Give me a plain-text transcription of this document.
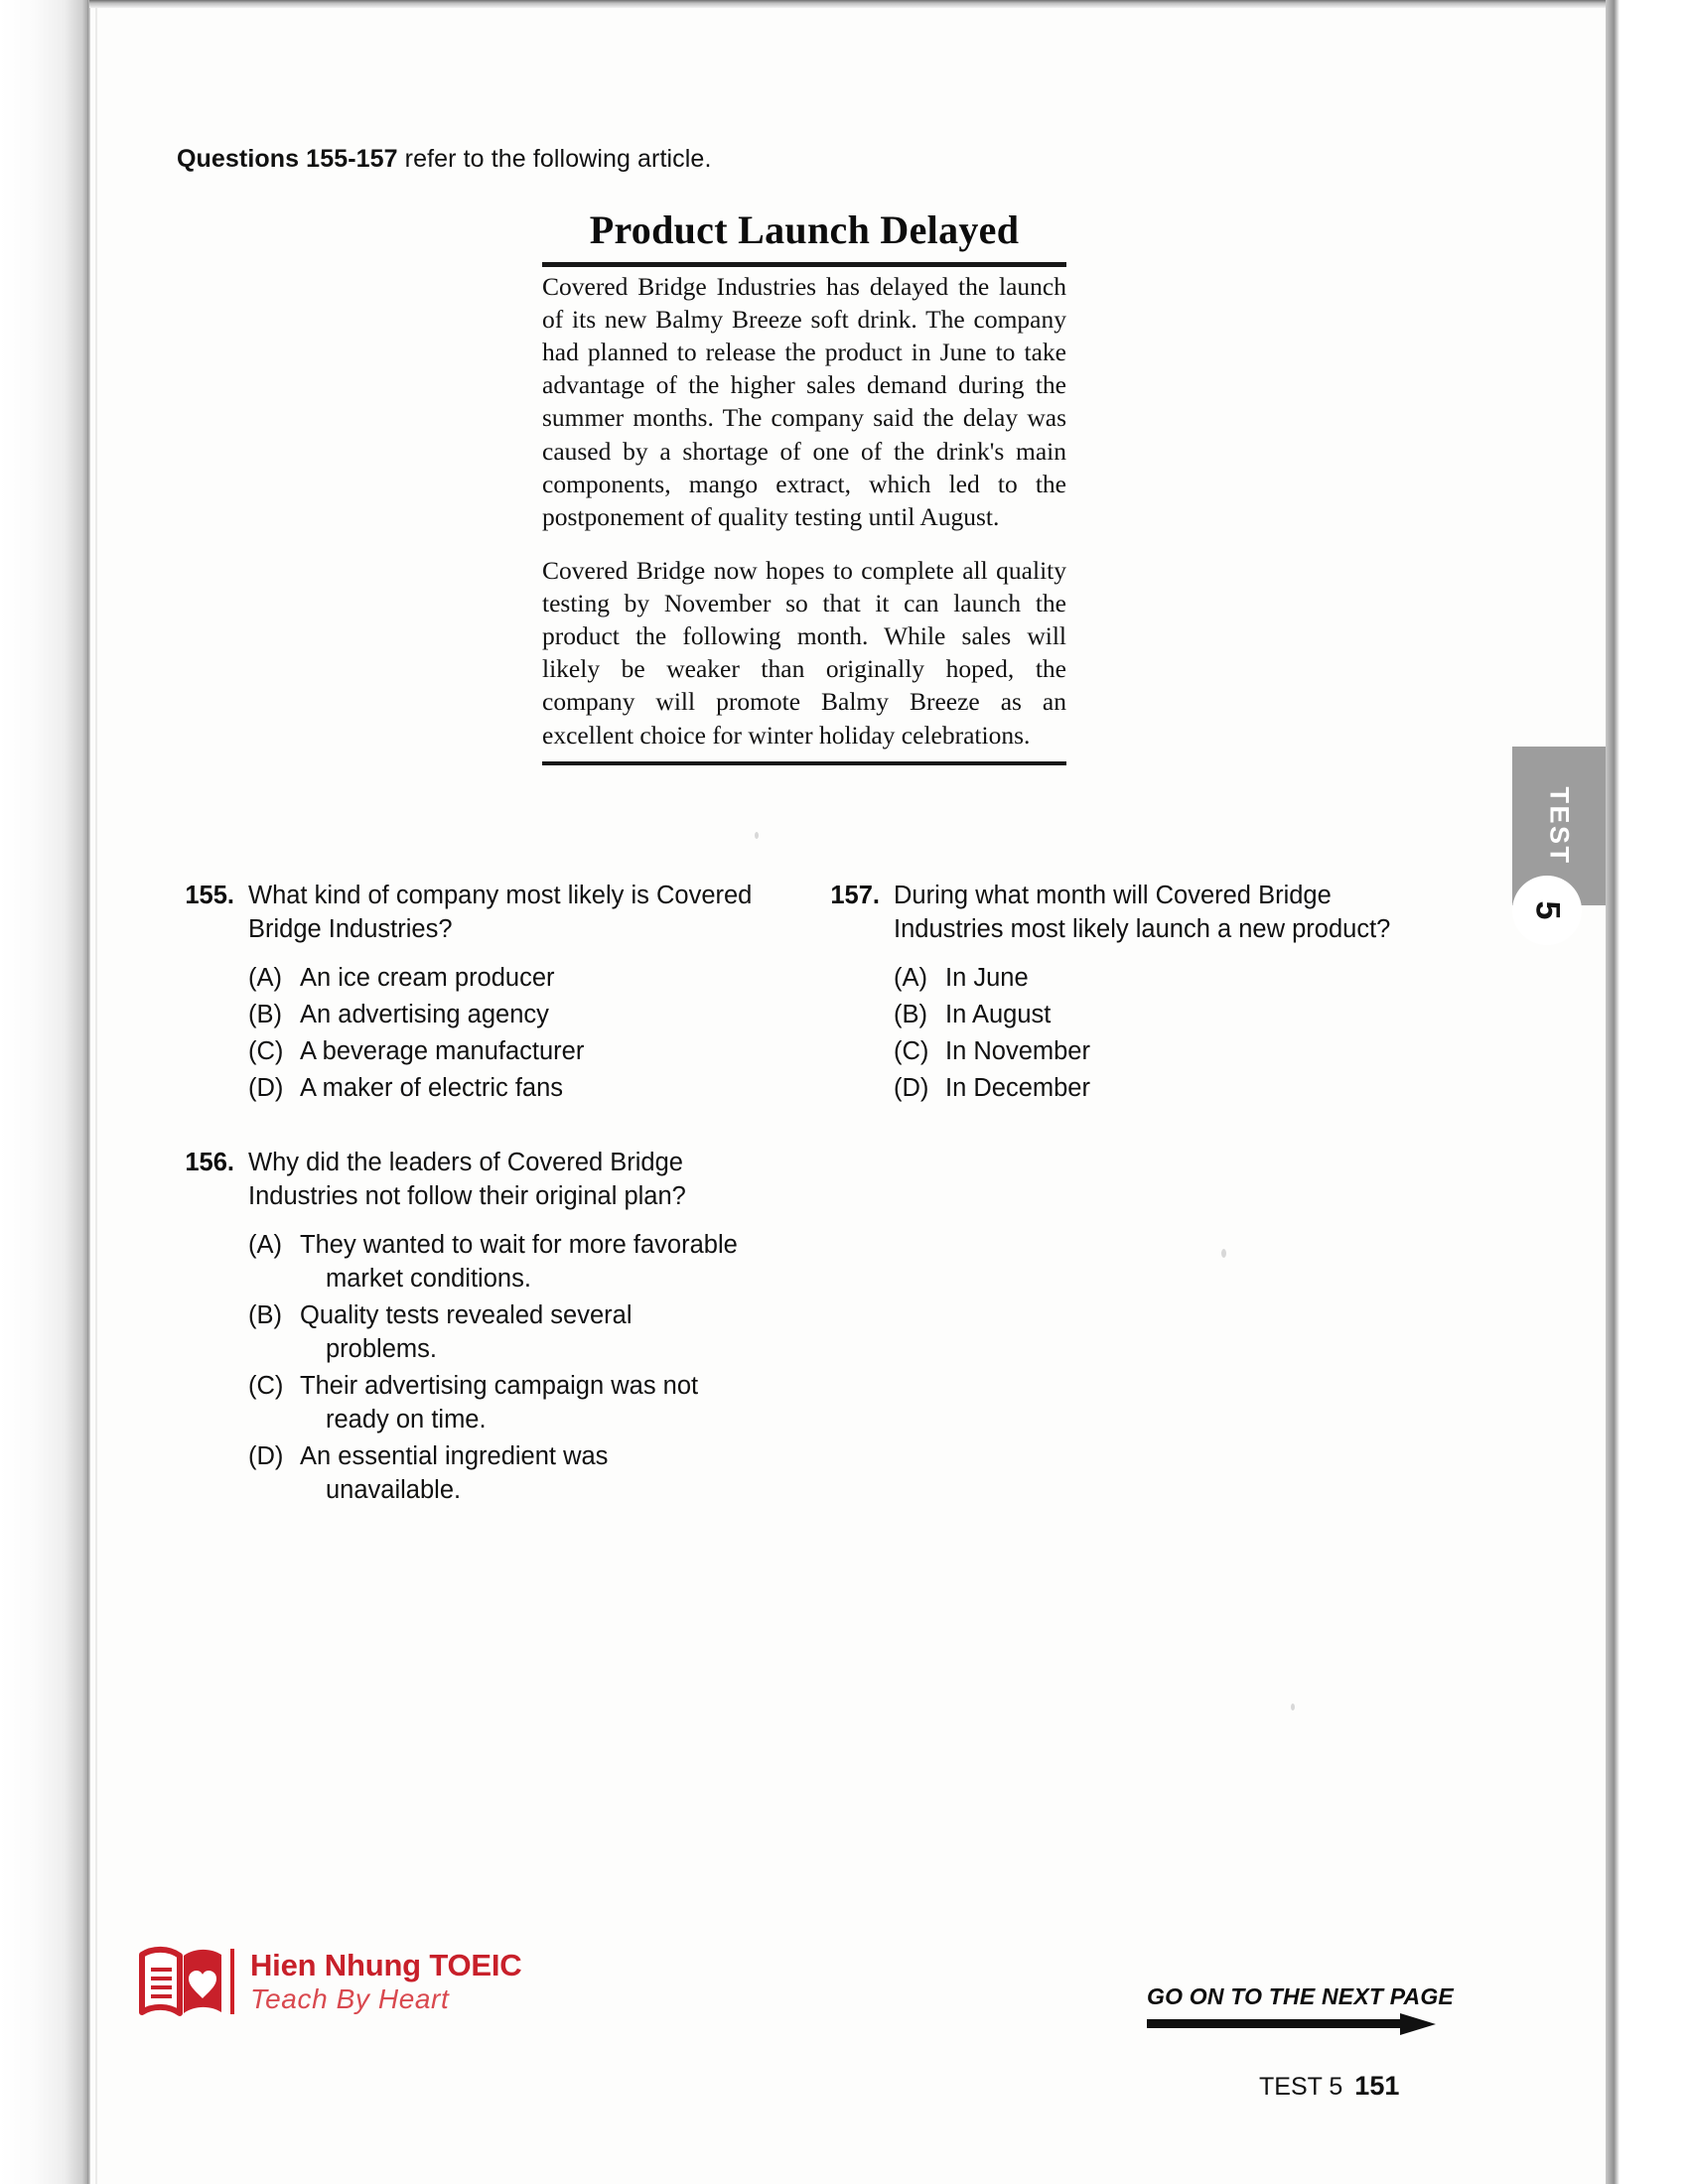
Questions 155-157 refer to the following article.
Product Launch Delayed

Covered Bridge Industries has delayed the launch of its new Balmy Breeze soft drink. The company had planned to release the product in June to take advantage of the higher sales demand during the summer months. The company said the delay was caused by a shortage of one of the drink's main components, mango extract, which led to the postponement of quality testing until August.

Covered Bridge now hopes to complete all quality testing by November so that it can launch the product the following month. While sales will likely be weaker than originally hoped, the company will promote Balmy Breeze as an excellent choice for winter holiday celebrations.

155. What kind of company most likely is Covered Bridge Industries?
(A) An ice cream producer
(B) An advertising agency
(C) A beverage manufacturer
(D) A maker of electric fans
156. Why did the leaders of Covered Bridge Industries not follow their original plan?
(A) They wanted to wait for more favorable
market conditions.
(B) Quality tests revealed several
problems.
(C) Their advertising campaign was not
ready on time.
(D) An essential ingredient was
unavailable.
157. During what month will Covered Bridge Industries most likely launch a new product?
(A) In June
(B) In August
(C) In November
(D) In December
TEST
5
Hien Nhung TOEIC
Teach By Heart	GO ON TO THE NEXT PAGE
TEST 5 151
